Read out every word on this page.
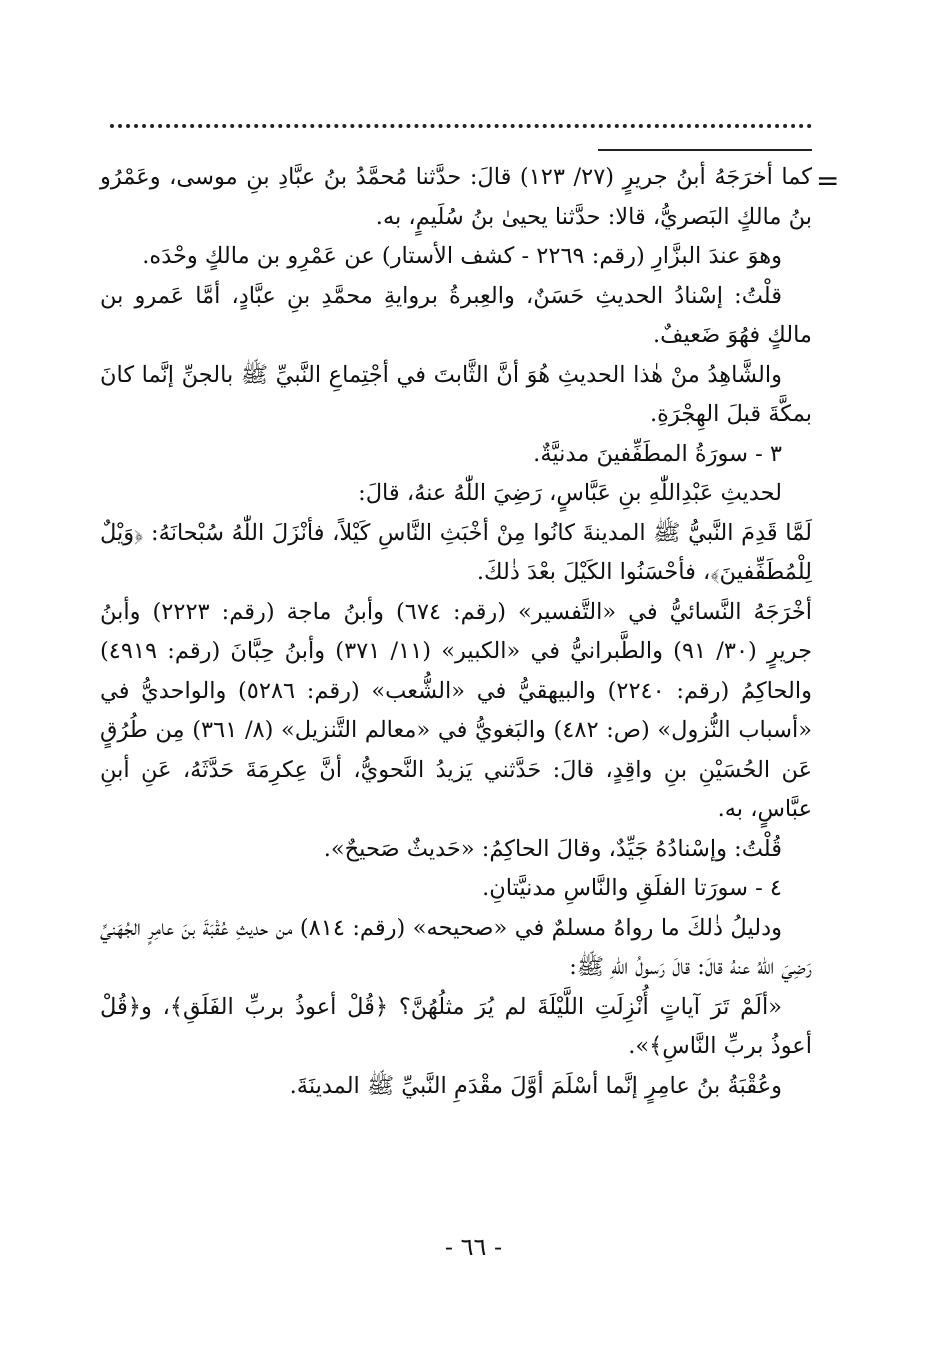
=

كما أخرَجَهُ أبنُ جريرٍ (٢٧/ ١٢٣) قالَ: حدَّثنا مُحمَّدُ بنُ عبَّادِ بنِ موسى، وعَمْرُو بنُ مالكٍ البَصريُّ، قالا: حدَّثنا يحيىٰ بنُ سُلَيمٍ، به.

وهوَ عندَ البزَّارِ (رقم: ٢٢٦٩ - كشف الأستار) عن عَمْرِو بن مالكٍ وحْدَه.

قلْتُ: إسْنادُ الحديثِ حَسَنٌ، والعِبرةُ بروايةِ محمَّدِ بنِ عبَّادٍ، أمَّا عَمرو بن مالكٍ فهُوَ ضَعيفٌ.

والشَّاهِدُ منْ هٰذا الحديثِ هُوَ أنَّ الثَّابتَ في أجْتِماعِ النَّبيِّ ﷺ بالجنِّ إنَّما كانَ بمكَّةَ قبلَ الهِجْرَةِ.

٣ - سورَةُ المطَفِّفينَ مدنيَّةٌ.

لحديثِ عَبْدِاللّٰهِ بنِ عَبَّاسٍ، رَضِيَ اللّٰهُ عنهُ، قالَ:

لَمَّا قَدِمَ النَّبيُّ ﷺ المدينةَ كانُوا مِنْ أخْبَثِ النَّاسِ كَيْلاً، فأنْزَلَ اللّٰهُ سُبْحانَهُ: ﴿وَيْلٌ لِلْمُطَفِّفينَ﴾، فأحْسَنُوا الكَيْلَ بعْدَ ذٰلكَ.

أخْرَجَهُ النَّسائيُّ في «التَّفسير» (رقم: ٦٧٤) وأبنُ ماجة (رقم: ٢٢٢٣) وأبنُ جريرٍ (٣٠/ ٩١) والطَّبرانيُّ في «الكبير» (١١/ ٣٧١) وأبنُ حِبَّانَ (رقم: ٤٩١٩) والحاكِمُ (رقم: ٢٢٤٠) والبيهقيُّ في «الشُّعب» (رقم: ٥٢٨٦) والواحديُّ في «أسباب النُّزول» (ص: ٤٨٢) والبَغويُّ في «معالم التَّنزيل» (٨/ ٣٦١) مِن طُرُقٍ عَن الحُسَيْنِ بنِ واقِدٍ، قالَ: حَدَّثني يَزيدُ النَّحويُّ، أنَّ عِكرِمَةَ حَدَّثَهُ، عَنِ أبنِ عبَّاسٍ، به.

قُلْتُ: وإسْنادُهُ جَيِّدٌ، وقالَ الحاكِمُ: «حَديثٌ صَحيحٌ».

٤ - سورَتا الفلَقِ والنَّاسِ مدنيَّتانِ.

ودليلُ ذٰلكَ ما رواهُ مسلمٌ في «صحيحه» (رقم: ٨١٤) من حديثِ عُقْبَةَ بنَ عامِرٍ الجُهَنيِّ رَضِيَ اللّٰهُ عنهُ قالَ: قالَ رَسولُ اللّٰهِ ﷺ:

«ألَمْ تَرَ آياتٍ أُنْزِلَتِ اللَّيْلَةَ لم يُرَ مثلُهُنَّ؟ ﴿قُلْ أعوذُ بربِّ الفَلَقِ﴾، و﴿قُلْ أعوذُ بربِّ النَّاسِ﴾».

وعُقْبَةُ بنُ عامِرٍ إنَّما أسْلَمَ أوَّلَ مقْدَمِ النَّبيِّ ﷺ المدينَةَ.

- ٦٦ -
